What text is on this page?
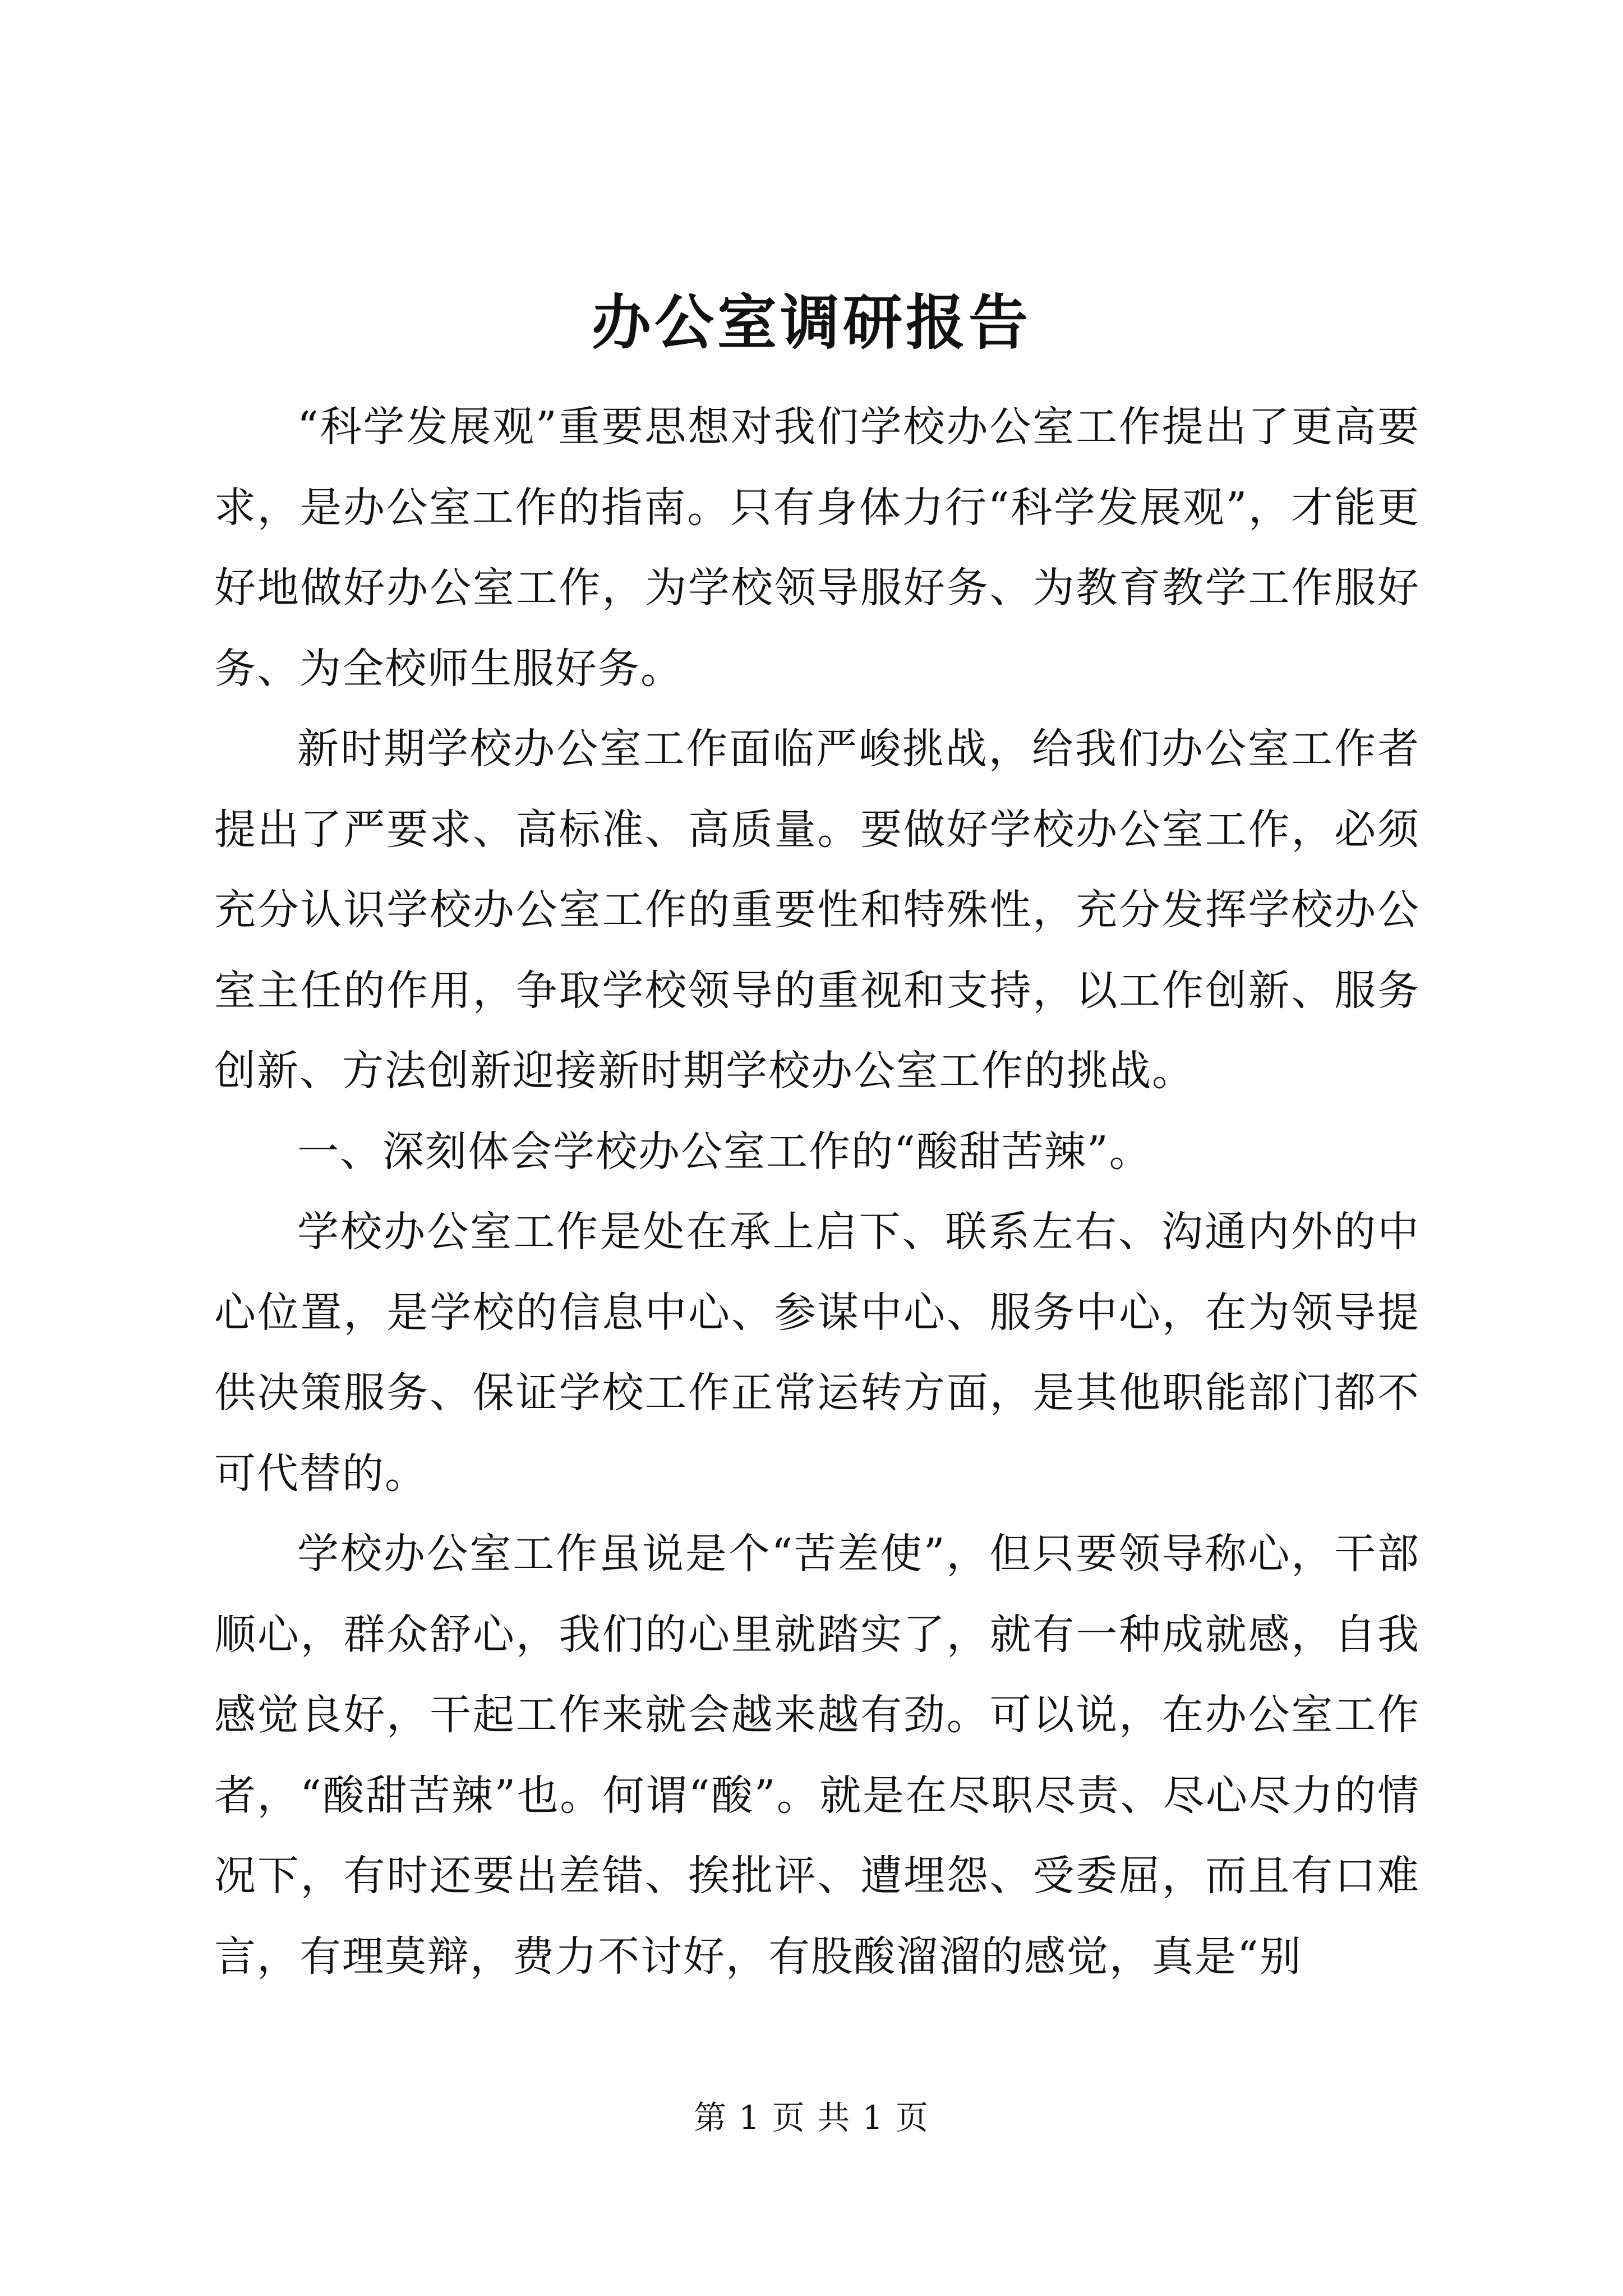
办公室调研报告

“科学发展观”重要思想对我们学校办公室工作提出了更高要求，是办公室工作的指南。只有身体力行“科学发展观”，才能更好地做好办公室工作，为学校领导服好务、为教育教学工作服好务、为全校师生服好务。

新时期学校办公室工作面临严峻挑战，给我们办公室工作者提出了严要求、高标准、高质量。要做好学校办公室工作，必须充分认识学校办公室工作的重要性和特殊性，充分发挥学校办公室主任的作用，争取学校领导的重视和支持，以工作创新、服务创新、方法创新迎接新时期学校办公室工作的挑战。

一、深刻体会学校办公室工作的“酸甜苦辣”。

学校办公室工作是处在承上启下、联系左右、沟通内外的中心位置，是学校的信息中心、参谋中心、服务中心，在为领导提供决策服务、保证学校工作正常运转方面，是其他职能部门都不可代替的。

学校办公室工作虽说是个“苦差使”，但只要领导称心，干部顺心，群众舒心，我们的心里就踏实了，就有一种成就感，自我感觉良好，干起工作来就会越来越有劲。可以说，在办公室工作者，“酸甜苦辣”也。何谓“酸”。就是在尽职尽责、尽心尽力的情况下，有时还要出差错、挨批评、遭埋怨、受委屈，而且有口难言，有理莫辩，费力不讨好，有股酸溜溜的感觉，真是“别

第 1 页 共 1 页
